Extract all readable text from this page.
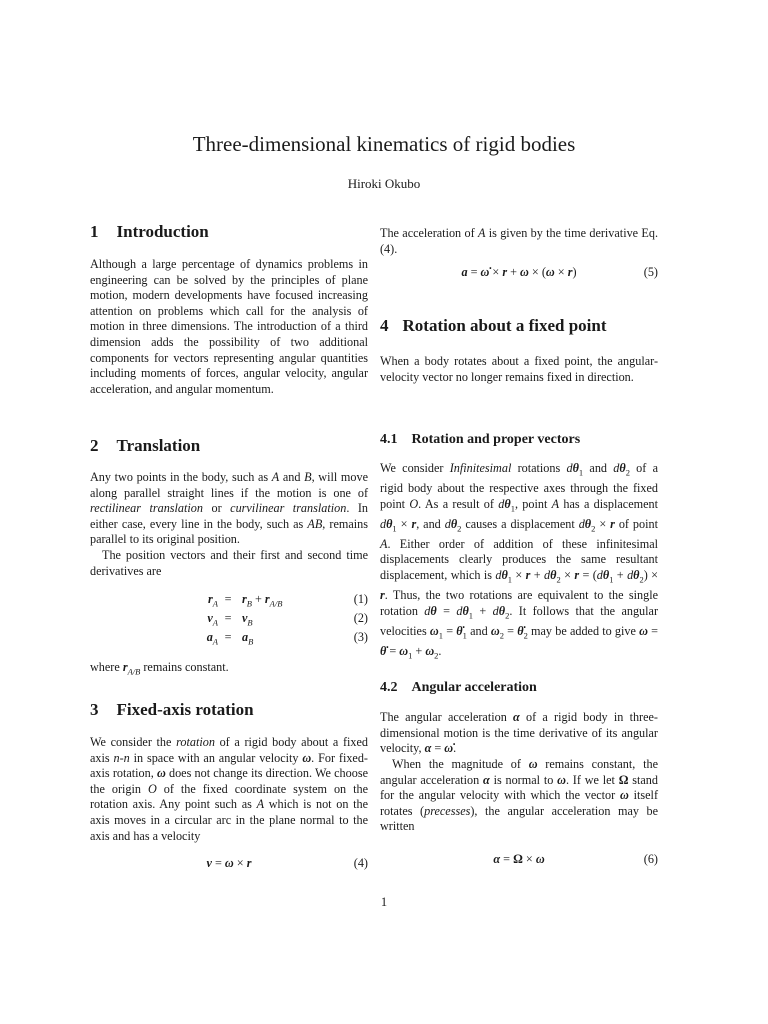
Three-dimensional kinematics of rigid bodies
Hiroki Okubo
1 Introduction

Although a large percentage of dynamics problems in engineering can be solved by the principles of plane motion, modern developments have focused increasing attention on problems which call for the analysis of motion in three dimensions. The introduction of a third dimension adds the possibility of two additional components for vectors representing angular quantities including moments of forces, angular velocity, angular acceleration, and angular momentum.

2 Translation

Any two points in the body, such as A and B, will move along parallel straight lines if the motion is one of rectilinear translation or curvilinear translation. In either case, every line in the body, such as AB, remains parallel to its original position.

The position vectors and their first and second time derivatives are

$r_A = r_B + r_{A/B}$	(1)
$v_A = v_B$	(2)
$a_A = a_B$	(3)

where $r_{A/B}$ remains constant.

3 Fixed-axis rotation

We consider the rotation of a rigid body about a fixed axis n-n in space with an angular velocity ω. For fixed-axis rotation, ω does not change its direction. We choose the origin O of the fixed coordinate system on the rotation axis. Any point such as A which is not on the axis moves in a circular arc in the plane normal to the axis and has a velocity

v = ω × r	(4)

The acceleration of A is given by the time derivative Eq. (4).

a = ω̇ × r + ω × (ω × r)	(5)
4 Rotation about a fixed point

When a body rotates about a fixed point, the angular-velocity vector no longer remains fixed in direction.

4.1 Rotation and proper vectors

We consider Infinitesimal rotations $d\theta_1$ and $d\theta_2$ of a rigid body about the respective axes through the fixed point O. As a result of $d\theta_1$, point A has a displacement $d\theta_1 \times r$, and $d\theta_2$ causes a displacement $d\theta_2 \times r$ of point A. Either order of addition of these infinitesimal displacements clearly produces the same resultant displacement, which is $d\theta_1 \times r + d\theta_2 \times r = (d\theta_1 + d\theta_2) \times r$. Thus, the two rotations are equivalent to the single rotation $d\theta = d\theta_1 + d\theta_2$. It follows that the angular velocities $\omega_1$ = $\thetȧ_1$ and $\omega_2$ = $\thetȧ_2$ may be added to give ω = θ̇ = $\omega_1 + \omega_2$.

4.2 Angular acceleration

The angular acceleration α of a rigid body in three-dimensional motion is the time derivative of its angular velocity, α = ω̇.

When the magnitude of ω remains constant, the angular acceleration α is normal to ω. If we let Ω stand for the angular velocity with which the vector ω itself rotates (precesses), the angular acceleration may be written

α = Ω × ω	(6)
1
